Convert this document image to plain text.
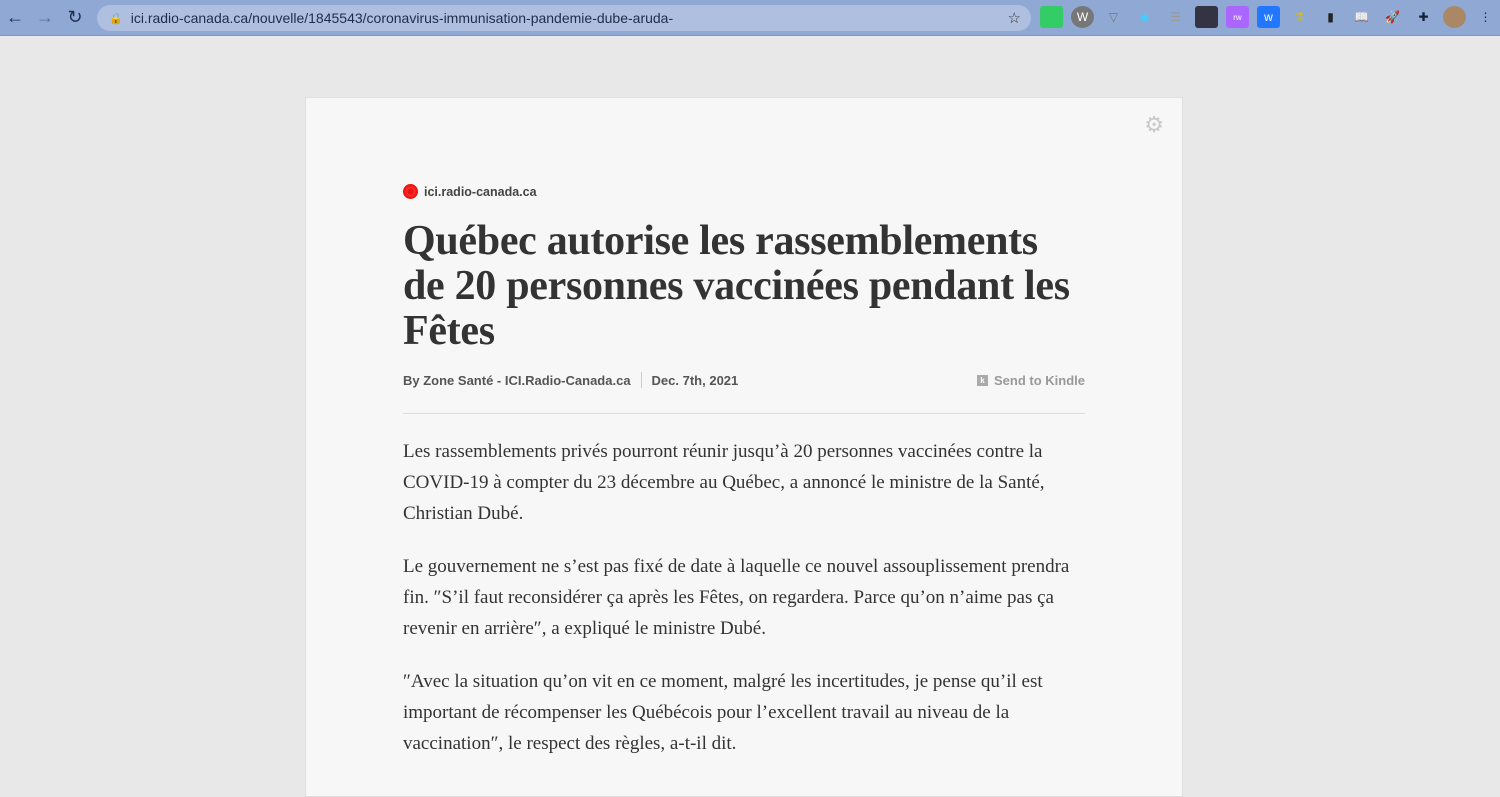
← → ↻	🔒 ici.radio-canada.ca/nouvelle/1845543/coronavirus-immunisation-pandemie-dube-aruda-	☆	W	▽	◆	☰	rw	w	⚗	▮	📖	🚀	✚	⋮
⚙
ici.radio-canada.ca
Québec autorise les rassemblements de 20 personnes vaccinées pendant les Fêtes
By Zone Santé - ICI.Radio-Canada.ca Dec. 7th, 2021	k Send to Kindle

Les rassemblements privés pourront réunir jusqu’à 20 personnes vaccinées contre la COVID-19 à compter du 23 décembre au Québec, a annoncé le ministre de la Santé, Christian Dubé.

Le gouvernement ne s’est pas fixé de date à laquelle ce nouvel assouplissement prendra fin. ″S’il faut reconsidérer ça après les Fêtes, on regardera. Parce qu’on n’aime pas ça revenir en arrière″, a expliqué le ministre Dubé.

″Avec la situation qu’on vit en ce moment, malgré les incertitudes, je pense qu’il est important de récompenser les Québécois pour l’excellent travail au niveau de la vaccination″, le respect des règles, a-t-il dit.
